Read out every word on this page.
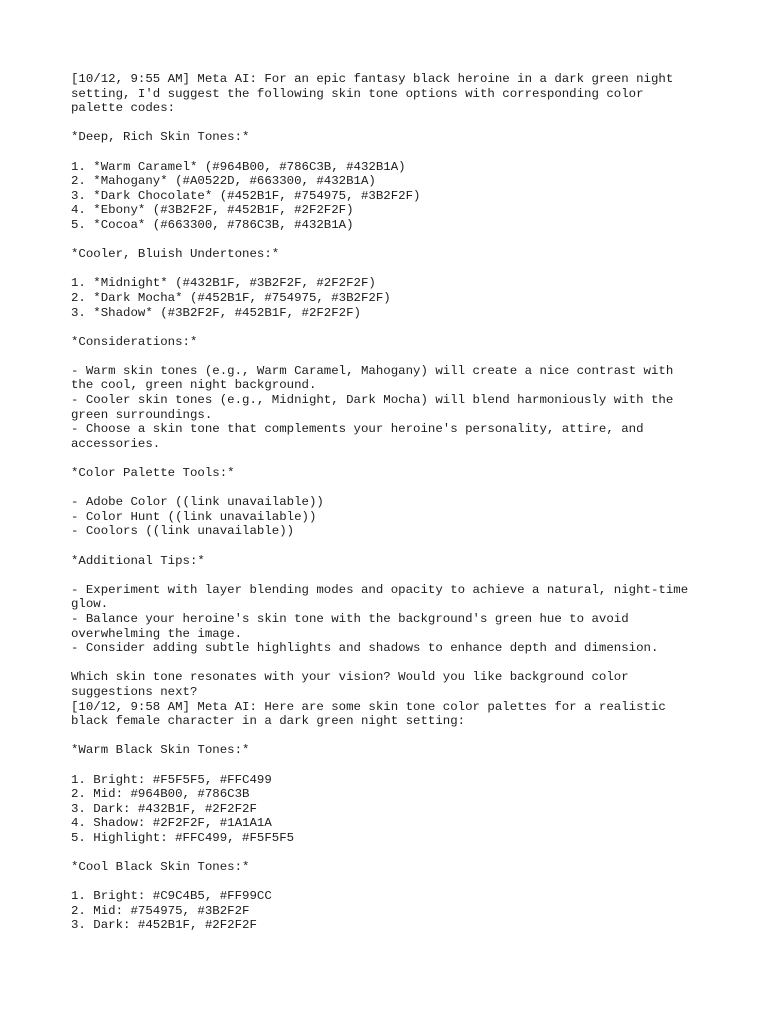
[10/12, 9:55 AM] Meta AI: For an epic fantasy black heroine in a dark green night
setting, I'd suggest the following skin tone options with corresponding color
palette codes:
*Deep, Rich Skin Tones:*
1. *Warm Caramel* (#964B00, #786C3B, #432B1A)
2. *Mahogany* (#A0522D, #663300, #432B1A)
3. *Dark Chocolate* (#452B1F, #754975, #3B2F2F)
4. *Ebony* (#3B2F2F, #452B1F, #2F2F2F)
5. *Cocoa* (#663300, #786C3B, #432B1A)
*Cooler, Bluish Undertones:*
1. *Midnight* (#432B1F, #3B2F2F, #2F2F2F)
2. *Dark Mocha* (#452B1F, #754975, #3B2F2F)
3. *Shadow* (#3B2F2F, #452B1F, #2F2F2F)
*Considerations:*
- Warm skin tones (e.g., Warm Caramel, Mahogany) will create a nice contrast with
the cool, green night background.
- Cooler skin tones (e.g., Midnight, Dark Mocha) will blend harmoniously with the
green surroundings.
- Choose a skin tone that complements your heroine's personality, attire, and
accessories.
*Color Palette Tools:*
- Adobe Color ((link unavailable))
- Color Hunt ((link unavailable))
- Coolors ((link unavailable))
*Additional Tips:*
- Experiment with layer blending modes and opacity to achieve a natural, night-time
glow.
- Balance your heroine's skin tone with the background's green hue to avoid
overwhelming the image.
- Consider adding subtle highlights and shadows to enhance depth and dimension.
Which skin tone resonates with your vision? Would you like background color
suggestions next?
[10/12, 9:58 AM] Meta AI: Here are some skin tone color palettes for a realistic
black female character in a dark green night setting:
*Warm Black Skin Tones:*
1. Bright: #F5F5F5, #FFC499
2. Mid: #964B00, #786C3B
3. Dark: #432B1F, #2F2F2F
4. Shadow: #2F2F2F, #1A1A1A
5. Highlight: #FFC499, #F5F5F5
*Cool Black Skin Tones:*
1. Bright: #C9C4B5, #FF99CC
2. Mid: #754975, #3B2F2F
3. Dark: #452B1F, #2F2F2F
